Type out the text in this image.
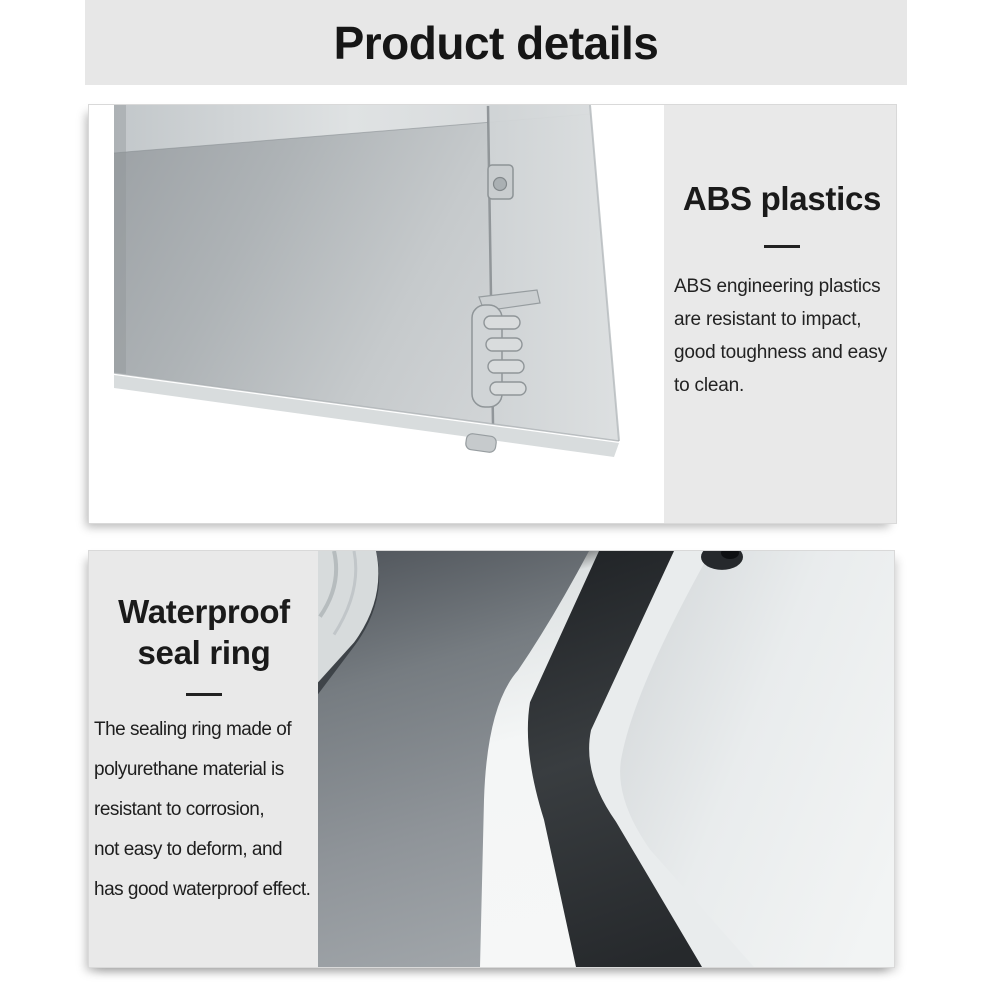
Product details
ABS plastics
ABS engineering plastics
are resistant to impact,
good toughness and easy
to clean.
Waterproof
seal ring
The sealing ring made of
polyurethane material is
resistant to corrosion,
not easy to deform, and
has good waterproof effect.
